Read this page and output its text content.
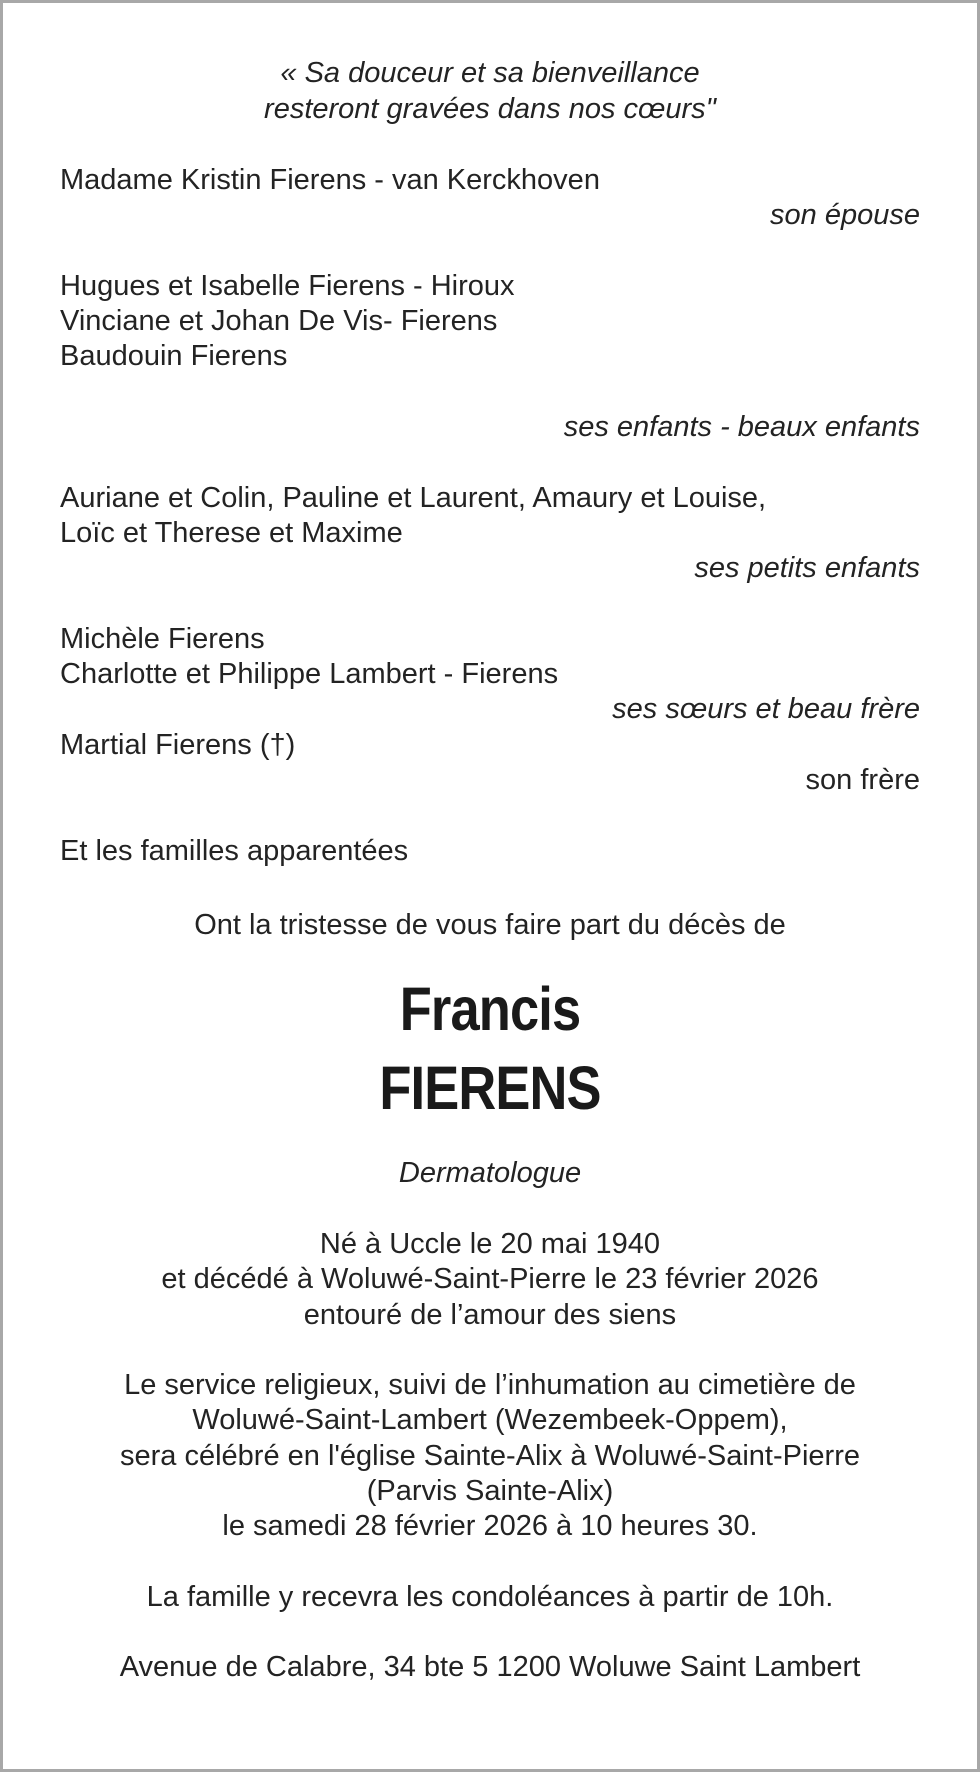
« Sa douceur et sa bienveillance
resteront gravées dans nos cœurs"
Madame Kristin Fierens - van Kerckhoven
son épouse
Hugues et Isabelle Fierens - Hiroux
Vinciane et Johan De Vis- Fierens
Baudouin Fierens
ses enfants - beaux enfants
Auriane et Colin, Pauline et Laurent, Amaury et Louise,
Loïc et Therese et Maxime
ses petits enfants
Michèle Fierens
Charlotte et Philippe Lambert - Fierens
ses sœurs et beau frère
Martial Fierens (†)
son frère
Et les familles apparentées
Ont la tristesse de vous faire part du décès de
Francis
FIERENS
Dermatologue
Né à Uccle le 20 mai 1940
et décédé à Woluwé-Saint-Pierre le 23 février 2026
entouré de l’amour des siens
Le service religieux, suivi de l’inhumation au cimetière de
Woluwé-Saint-Lambert (Wezembeek-Oppem),
sera célébré en l'église Sainte-Alix à Woluwé-Saint-Pierre
(Parvis Sainte-Alix)
le samedi 28 février 2026 à 10 heures 30.
La famille y recevra les condoléances à partir de 10h.
Avenue de Calabre, 34 bte 5 1200 Woluwe Saint Lambert
